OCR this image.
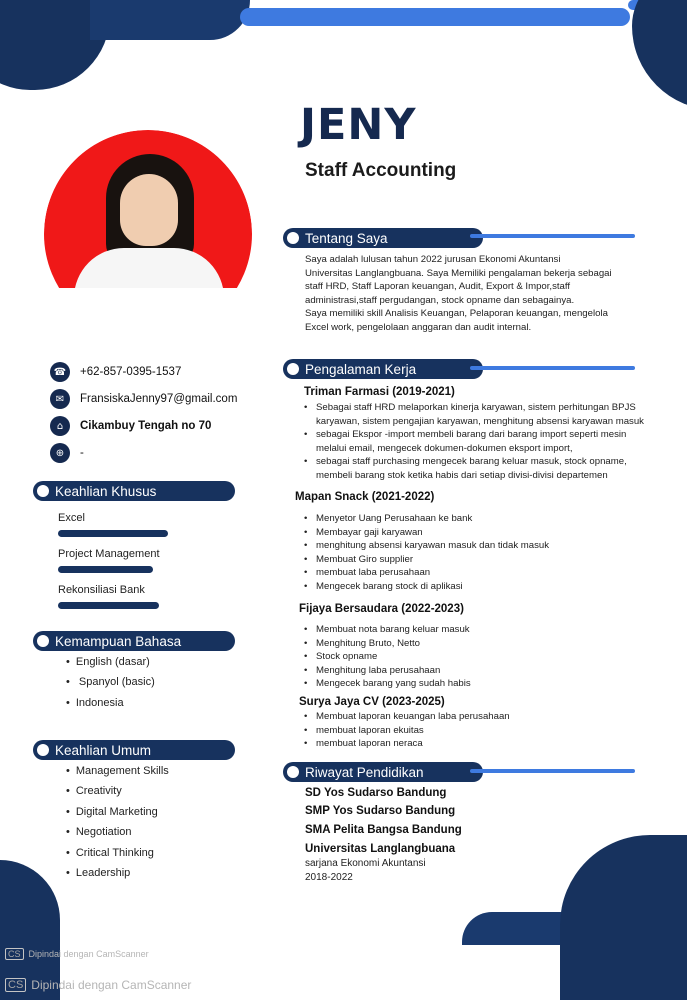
JENY
Staff Accounting
Tentang Saya
Saya adalah lulusan tahun 2022 jurusan Ekonomi Akuntansi
Universitas Langlangbuana. Saya Memiliki pengalaman bekerja sebagai
staff HRD, Staff Laporan keuangan, Audit, Export & Impor,staff
administrasi,staff pergudangan, stock opname dan sebagainya.
Saya memiliki skill Analisis Keuangan, Pelaporan keuangan, mengelola
Excel work, pengelolaan anggaran dan audit internal.
☎	+62-857-0395-1537
✉	FransiskaJenny97@gmail.com
⌂	Cikambuy Tengah no 70
⊕	-
Keahlian Khusus
Excel
Project Management
Rekonsiliasi Bank
Kemampuan Bahasa
• English (dasar)
• Spanyol (basic)
• Indonesia
Keahlian Umum
• Management Skills
• Creativity
• Digital Marketing
• Negotiation
• Critical Thinking
• Leadership
Pengalaman Kerja
Triman Farmasi (2019-2021)
• Sebagai staff HRD melaporkan kinerja karyawan, sistem perhitungan BPJS karyawan, sistem pengajian karyawan, menghitung absensi karyawan masuk
• sebagai Ekspor -import membeli barang dari barang import seperti mesin melalui email, mengecek dokumen-dokumen eksport import,
• sebagai staff purchasing mengecek barang keluar masuk, stock opname, membeli barang stok ketika habis dari setiap divisi-divisi departemen
Mapan Snack (2021-2022)
• Menyetor Uang Perusahaan ke bank
• Membayar gaji karyawan
• menghitung absensi karyawan masuk dan tidak masuk
• Membuat Giro supplier
• membuat laba perusahaan
• Mengecek barang stock di aplikasi
Fijaya Bersaudara (2022-2023)
• Membuat nota barang keluar masuk
• Menghitung Bruto, Netto
• Stock opname
• Menghitung laba perusahaan
• Mengecek barang yang sudah habis
Surya Jaya CV (2023-2025)
• Membuat laporan keuangan laba perusahaan
• membuat laporan ekuitas
• membuat laporan neraca
Riwayat Pendidikan
SD Yos Sudarso Bandung
SMP Yos Sudarso Bandung
SMA Pelita Bangsa Bandung
Universitas Langlangbuana
sarjana Ekonomi Akuntansi
2018-2022
CS Dipindai dengan CamScanner
CS Dipindai dengan CamScanner
